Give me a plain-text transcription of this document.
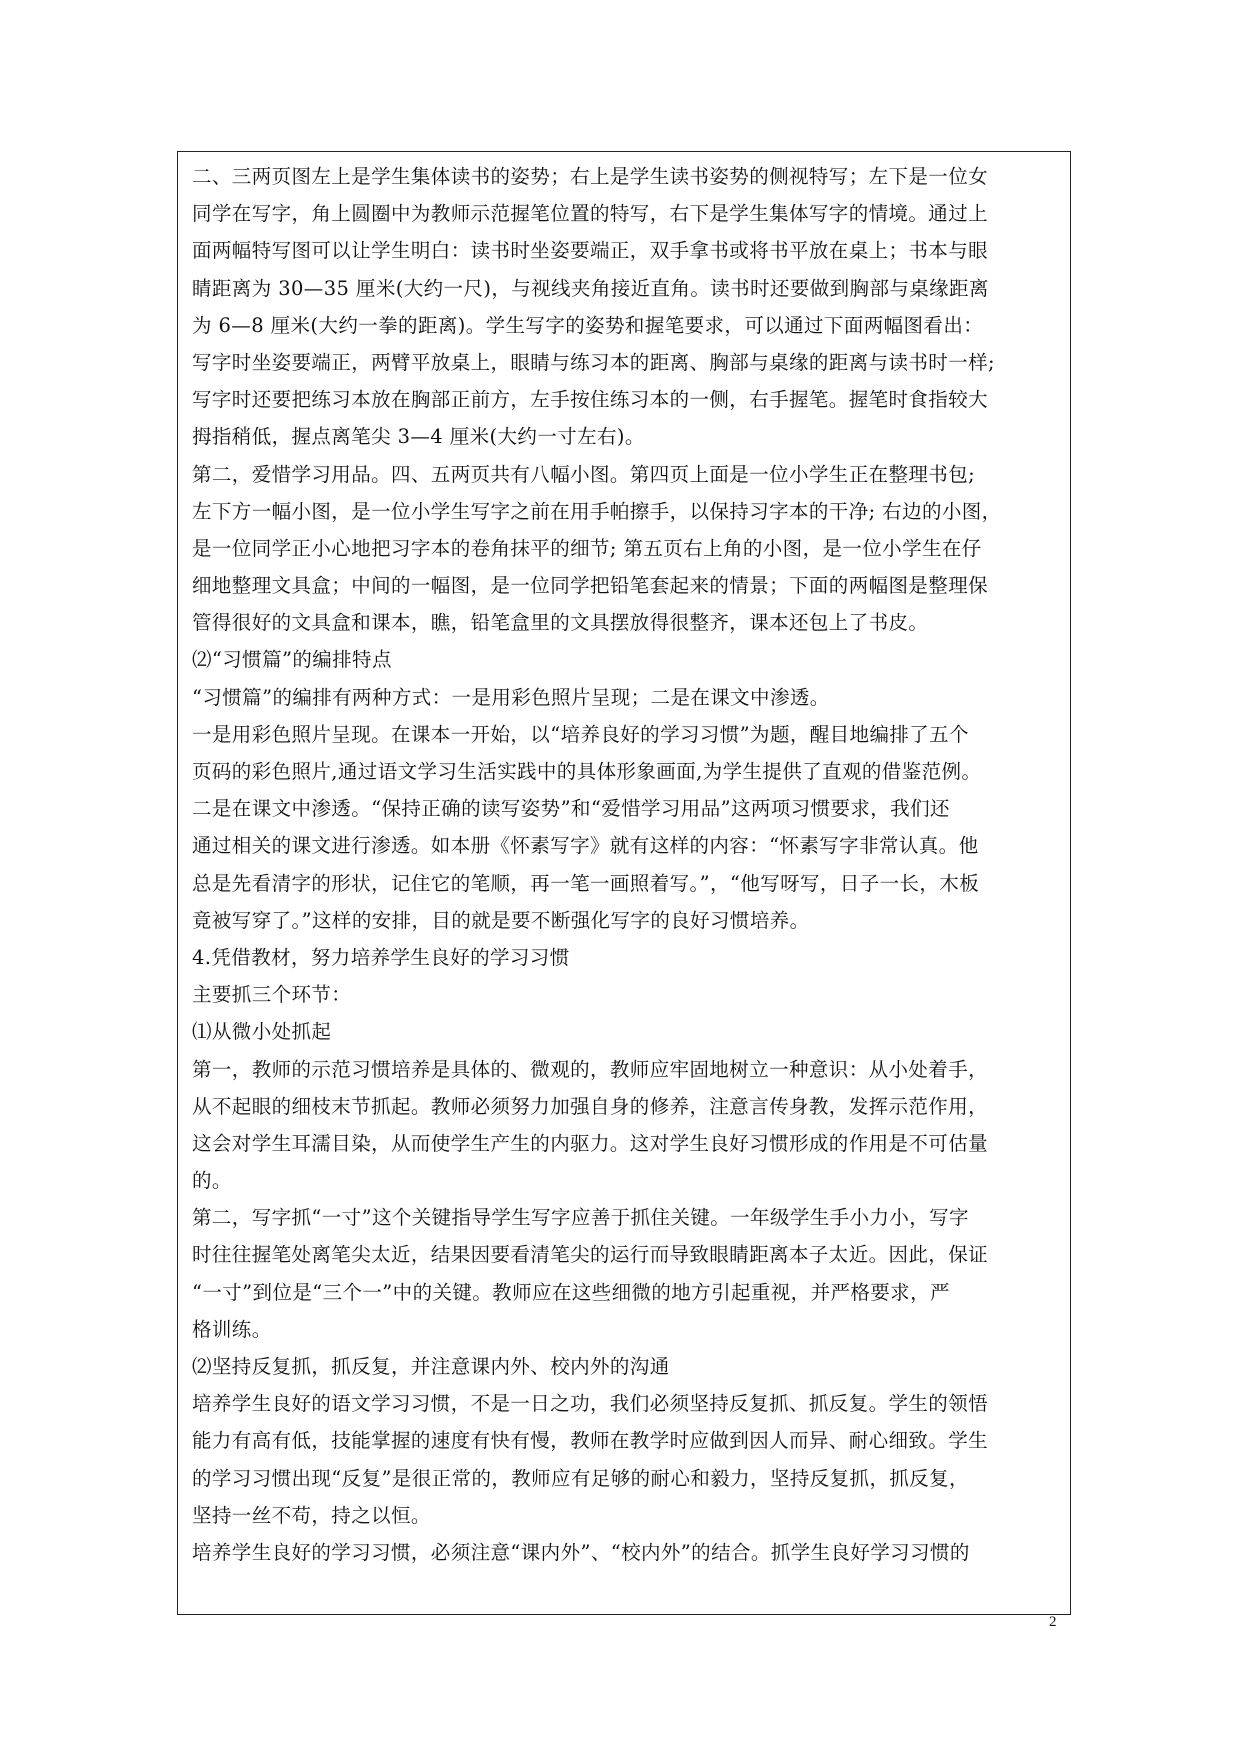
二、三两页图左上是学生集体读书的姿势；右上是学生读书姿势的侧视特写；左下是一位女
同学在写字，角上圆圈中为教师示范握笔位置的特写，右下是学生集体写字的情境。通过上
面两幅特写图可以让学生明白：读书时坐姿要端正，双手拿书或将书平放在桌上；书本与眼
睛距离为 30—35 厘米(大约一尺)，与视线夹角接近直角。读书时还要做到胸部与桌缘距离
为 6—8 厘米(大约一拳的距离)。学生写字的姿势和握笔要求，可以通过下面两幅图看出：
写字时坐姿要端正，两臂平放桌上，眼睛与练习本的距离、胸部与桌缘的距离与读书时一样;
写字时还要把练习本放在胸部正前方，左手按住练习本的一侧，右手握笔。握笔时食指较大
拇指稍低，握点离笔尖 3—4 厘米(大约一寸左右)。
第二，爱惜学习用品。四、五两页共有八幅小图。第四页上面是一位小学生正在整理书包;
左下方一幅小图，是一位小学生写字之前在用手帕擦手，以保持习字本的干净; 右边的小图，
是一位同学正小心地把习字本的卷角抹平的细节; 第五页右上角的小图，是一位小学生在仔
细地整理文具盒；中间的一幅图，是一位同学把铅笔套起来的情景；下面的两幅图是整理保
管得很好的文具盒和课本，瞧，铅笔盒里的文具摆放得很整齐，课本还包上了书皮。
⑵“习惯篇”的编排特点
“习惯篇”的编排有两种方式：一是用彩色照片呈现；二是在课文中渗透。
一是用彩色照片呈现。在课本一开始，以“培养良好的学习习惯”为题，醒目地编排了五个
页码的彩色照片,通过语文学习生活实践中的具体形象画面,为学生提供了直观的借鉴范例。
二是在课文中渗透。“保持正确的读写姿势”和“爱惜学习用品”这两项习惯要求，我们还
通过相关的课文进行渗透。如本册《怀素写字》就有这样的内容：“怀素写字非常认真。他
总是先看清字的形状，记住它的笔顺，再一笔一画照着写。”，“他写呀写，日子一长，木板
竟被写穿了。”这样的安排，目的就是要不断强化写字的良好习惯培养。
4.凭借教材，努力培养学生良好的学习习惯
主要抓三个环节：
⑴从微小处抓起
第一，教师的示范习惯培养是具体的、微观的，教师应牢固地树立一种意识：从小处着手，
从不起眼的细枝末节抓起。教师必须努力加强自身的修养，注意言传身教，发挥示范作用，
这会对学生耳濡目染，从而使学生产生的内驱力。这对学生良好习惯形成的作用是不可估量
的。
第二，写字抓“一寸”这个关键指导学生写字应善于抓住关键。一年级学生手小力小，写字
时往往握笔处离笔尖太近，结果因要看清笔尖的运行而导致眼睛距离本子太近。因此，保证
“一寸”到位是“三个一”中的关键。教师应在这些细微的地方引起重视，并严格要求，严
格训练。
⑵坚持反复抓，抓反复，并注意课内外、校内外的沟通
培养学生良好的语文学习习惯，不是一日之功，我们必须坚持反复抓、抓反复。学生的领悟
能力有高有低，技能掌握的速度有快有慢，教师在教学时应做到因人而异、耐心细致。学生
的学习习惯出现“反复”是很正常的，教师应有足够的耐心和毅力，坚持反复抓，抓反复，
坚持一丝不苟，持之以恒。
培养学生良好的学习习惯，必须注意“课内外”、“校内外”的结合。抓学生良好学习习惯的
2
